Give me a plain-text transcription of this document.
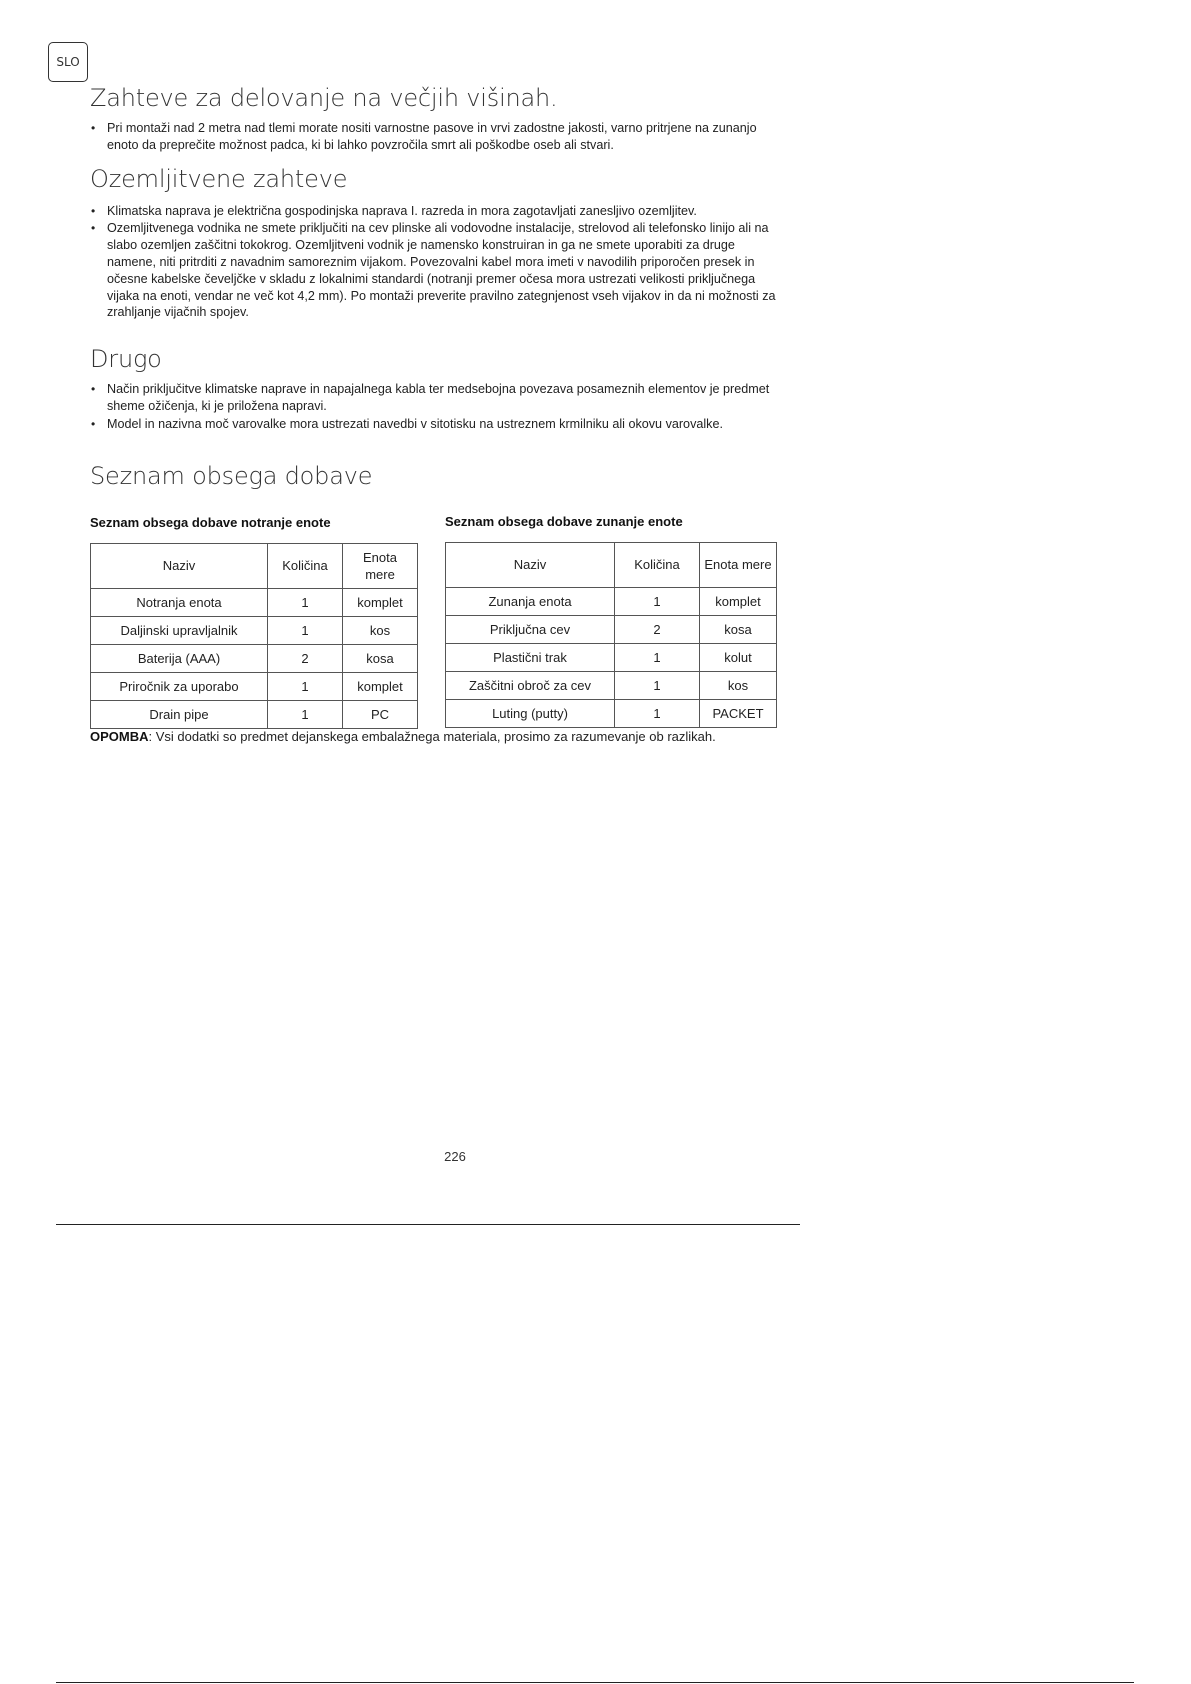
SLO
Zahteve za delovanje na večjih višinah.
• Pri montaži nad 2 metra nad tlemi morate nositi varnostne pasove in vrvi zadostne jakosti, varno pritrjene na zunanjo enoto da preprečite možnost padca, ki bi lahko povzročila smrt ali poškodbe oseb ali stvari.
Ozemljitvene zahteve
• Klimatska naprava je električna gospodinjska naprava I. razreda in mora zagotavljati zanesljivo ozemljitev.
• Ozemljitvenega vodnika ne smete priključiti na cev plinske ali vodovodne instalacije, strelovod ali telefonsko linijo ali na slabo ozemljen zaščitni tokokrog. Ozemljitveni vodnik je namensko konstruiran in ga ne smete uporabiti za druge namene, niti pritrditi z navadnim samoreznim vijakom. Povezovalni kabel mora imeti v navodilih priporočen presek in očesne kabelske čeveljčke v skladu z lokalnimi standardi (notranji premer očesa mora ustrezati velikosti priključnega vijaka na enoti, vendar ne več kot 4,2 mm). Po montaži preverite pravilno zategnjenost vseh vijakov in da ni možnosti za zrahljanje vijačnih spojev.
Drugo
• Način priključitve klimatske naprave in napajalnega kabla ter medsebojna povezava posameznih elementov je predmet sheme ožičenja, ki je priložena napravi.
• Model in nazivna moč varovalke mora ustrezati navedbi v sitotisku na ustreznem krmilniku ali okovu varovalke.
Seznam obsega dobave
Seznam obsega dobave notranje enote
Naziv	Količina	Enota mere
Notranja enota	1	komplet
Daljinski upravljalnik	1	kos
Baterija (AAA)	2	kosa
Priročnik za uporabo	1	komplet
Drain pipe	1	PC
Seznam obsega dobave zunanje enote
Naziv	Količina	Enota mere
Zunanja enota	1	komplet
Priključna cev	2	kosa
Plastični trak	1	kolut
Zaščitni obroč za cev	1	kos
Luting (putty)	1	PACKET
OPOMBA: Vsi dodatki so predmet dejanskega embalažnega materiala, prosimo za razumevanje ob razlikah.
226
